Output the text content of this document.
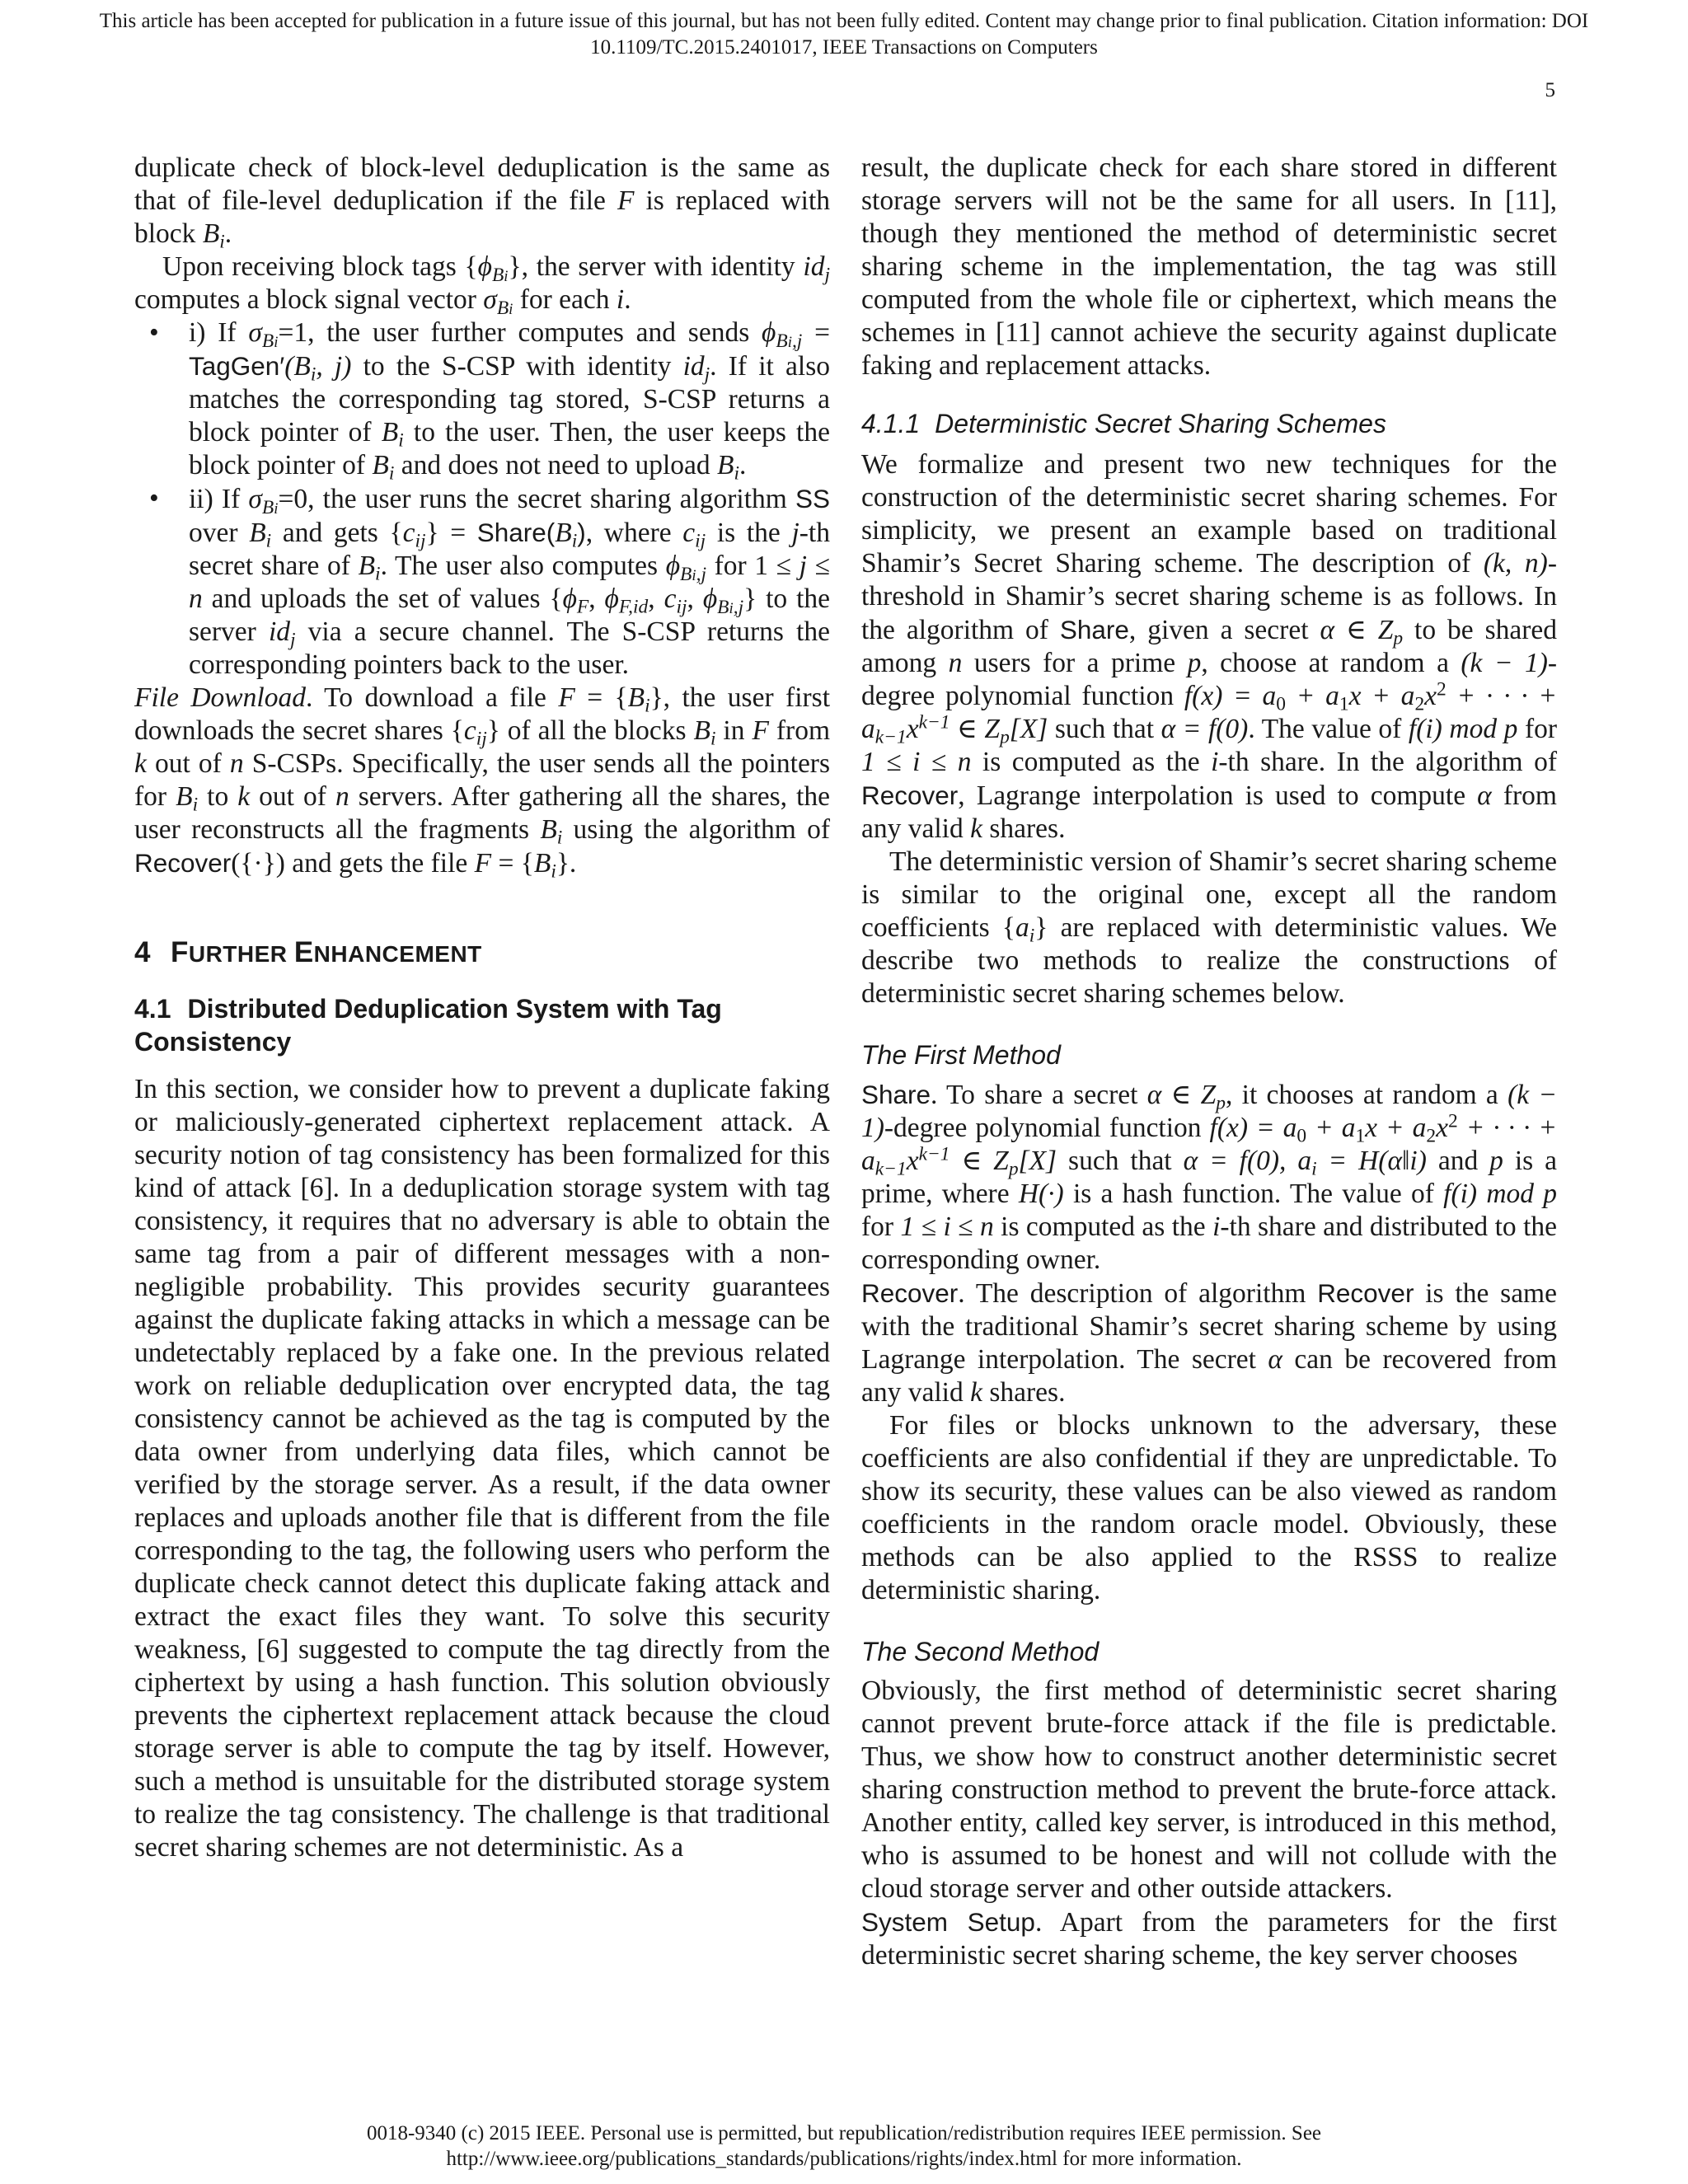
This article has been accepted for publication in a future issue of this journal, but has not been fully edited. Content may change prior to final publication. Citation information: DOI
10.1109/TC.2015.2401017, IEEE Transactions on Computers
5

duplicate check of block-level deduplication is the same as that of file-level deduplication if the file F is replaced with block $B_i$.

Upon receiving block tags $\{\phi_{Bi}\}$, the server with identity $id_j$ computes a block signal vector $\sigma_{Bi}$ for each i.

• i) If $\sigma_{Bi}=1$, the user further computes and sends $\phi_{Bi,j}$ = $TagGen'(B_i$, j) to the S-CSP with identity $id_j$. If it also matches the corresponding tag stored, S-CSP returns a block pointer of $B_i$ to the user. Then, the user keeps the block pointer of $B_i$ and does not need to upload $B_i$.
• ii) If $\sigma_{Bi}=0$, the user runs the secret sharing algorithm SS over $B_i$ and gets $\{c_{ij}\}$ = $Share(B_i)$, where $c_{ij}$ is the j-th secret share of $B_i$. The user also computes $\phi_{Bi,j}$ for 1 ≤ j ≤ n and uploads the set of values {$\phi_F$, $\phi_{F,id}$, $c_{ij}$, $\phi_{Bi,j}$} to the server $id_j$ via a secure channel. The S-CSP returns the corresponding pointers back to the user.

File Download. To download a file $F = \{B_i\}$, the user first downloads the secret shares $\{c_{ij}\}$ of all the blocks $B_i$ in F from k out of n S-CSPs. Specifically, the user sends all the pointers for $B_i$ to k out of n servers. After gathering all the shares, the user reconstructs all the fragments $B_i$ using the algorithm of Recover({·}) and gets the file $F = \{B_i\}$.

4 FURTHER ENHANCEMENT
4.1 Distributed Deduplication System with Tag Consistency

In this section, we consider how to prevent a duplicate faking or maliciously-generated ciphertext replacement attack. A security notion of tag consistency has been formalized for this kind of attack [6]. In a deduplication storage system with tag consistency, it requires that no adversary is able to obtain the same tag from a pair of different messages with a non-negligible probability. This provides security guarantees against the duplicate faking attacks in which a message can be undetectably replaced by a fake one. In the previous related work on reliable deduplication over encrypted data, the tag consistency cannot be achieved as the tag is computed by the data owner from underlying data files, which cannot be verified by the storage server. As a result, if the data owner replaces and uploads another file that is different from the file corresponding to the tag, the following users who perform the duplicate check cannot detect this duplicate faking attack and extract the exact files they want. To solve this security weakness, [6] suggested to compute the tag directly from the ciphertext by using a hash function. This solution obviously prevents the ciphertext replacement attack because the cloud storage server is able to compute the tag by itself. However, such a method is unsuitable for the distributed storage system to realize the tag consistency. The challenge is that traditional secret sharing schemes are not deterministic. As a

result, the duplicate check for each share stored in different storage servers will not be the same for all users. In [11], though they mentioned the method of deterministic secret sharing scheme in the implementation, the tag was still computed from the whole file or ciphertext, which means the schemes in [11] cannot achieve the security against duplicate faking and replacement attacks.

4.1.1 Deterministic Secret Sharing Schemes

We formalize and present two new techniques for the construction of the deterministic secret sharing schemes. For simplicity, we present an example based on traditional Shamir’s Secret Sharing scheme. The description of (k, n)-threshold in Shamir’s secret sharing scheme is as follows. In the algorithm of Share, given a secret α ∈ $Z_p$ to be shared among n users for a prime p, choose at random a (k − 1)-degree polynomial function $f(x) = a_0 + a_1x + a_2x^2$ + · · · + $a_{k-1}x^{k-1}$ ∈ $Z_p[X]$ such that α = f(0). The value of f(i) mod p for 1 ≤ i ≤ n is computed as the i-th share. In the algorithm of Recover, Lagrange interpolation is used to compute α from any valid k shares.

The deterministic version of Shamir’s secret sharing scheme is similar to the original one, except all the random coefficients $\{a_i\}$ are replaced with deterministic values. We describe two methods to realize the constructions of deterministic secret sharing schemes below.

The First Method

Share. To share a secret α ∈ $Z_p$, it chooses at random a (k − 1)-degree polynomial function $f(x) = a_0 + a_1x + a_2x^2$ + · · · + $a_{k-1}x^{k-1}$ ∈ $Z_p[X]$ such that α = f(0), $a_i$ = H(α‖i) and p is a prime, where H(·) is a hash function. The value of f(i) mod p for 1 ≤ i ≤ n is computed as the i-th share and distributed to the corresponding owner.

Recover. The description of algorithm Recover is the same with the traditional Shamir’s secret sharing scheme by using Lagrange interpolation. The secret α can be recovered from any valid k shares.

For files or blocks unknown to the adversary, these coefficients are also confidential if they are unpredictable. To show its security, these values can be also viewed as random coefficients in the random oracle model. Obviously, these methods can be also applied to the RSSS to realize deterministic sharing.

The Second Method

Obviously, the first method of deterministic secret sharing cannot prevent brute-force attack if the file is predictable. Thus, we show how to construct another deterministic secret sharing construction method to prevent the brute-force attack. Another entity, called key server, is introduced in this method, who is assumed to be honest and will not collude with the cloud storage server and other outside attackers.

System Setup. Apart from the parameters for the first deterministic secret sharing scheme, the key server chooses

0018-9340 (c) 2015 IEEE. Personal use is permitted, but republication/redistribution requires IEEE permission. See
http://www.ieee.org/publications_standards/publications/rights/index.html for more information.
